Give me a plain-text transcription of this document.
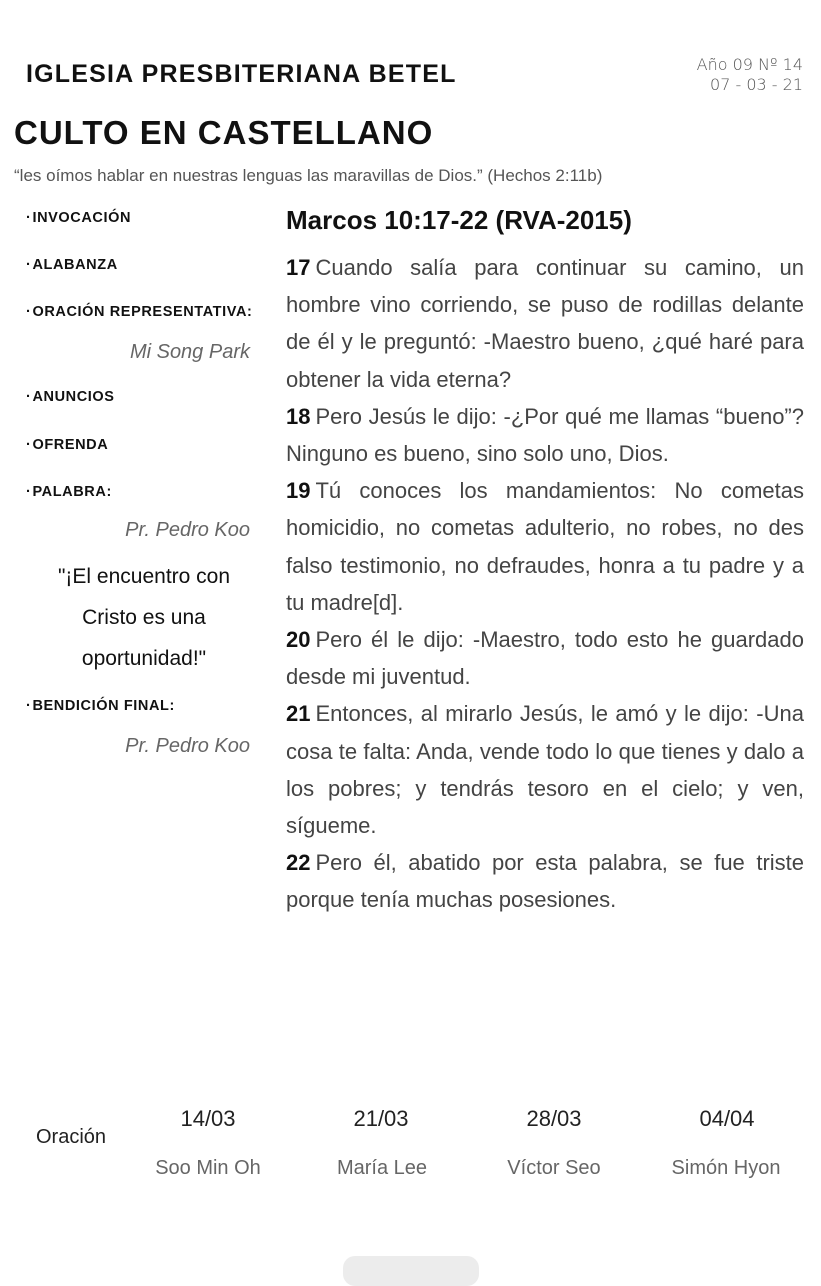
IGLESIA PRESBITERIANA BETEL	Año 09 Nº 14
07 - 03 - 21
CULTO EN CASTELLANO
“les oímos hablar en nuestras lenguas las maravillas de Dios.” (Hechos 2:11b)
· INVOCACIÓN
· ALABANZA
· ORACIÓN REPRESENTATIVA:
Mi Song Park
· ANUNCIOS
· OFRENDA
· PALABRA:
Pr. Pedro Koo
"¡El encuentro con
Cristo es una
oportunidad!"
· BENDICIÓN FINAL:
Pr. Pedro Koo
Marcos 10:17-22 (RVA-2015)

17 Cuando salía para continuar su camino, un hombre vino corriendo, se puso de rodillas delante de él y le preguntó: -Maestro bueno, ¿qué haré para obtener la vida eterna?

18 Pero Jesús le dijo: -¿Por qué me llamas “bueno”? Ninguno es bueno, sino solo uno, Dios.

19 Tú conoces los mandamientos: No cometas homicidio, no cometas adulterio, no robes, no des falso testimonio, no defraudes, honra a tu padre y a tu madre[d].

20 Pero él le dijo: -Maestro, todo esto he guardado desde mi juventud.

21 Entonces, al mirarlo Jesús, le amó y le dijo: -Una cosa te falta: Anda, vende todo lo que tienes y dalo a los pobres; y tendrás tesoro en el cielo; y ven, sígueme.

22 Pero él, abatido por esta palabra, se fue triste porque tenía muchas posesiones.

Oración
14/03
Soo Min Oh
21/03
María Lee
28/03
Víctor Seo
04/04
Simón Hyon
